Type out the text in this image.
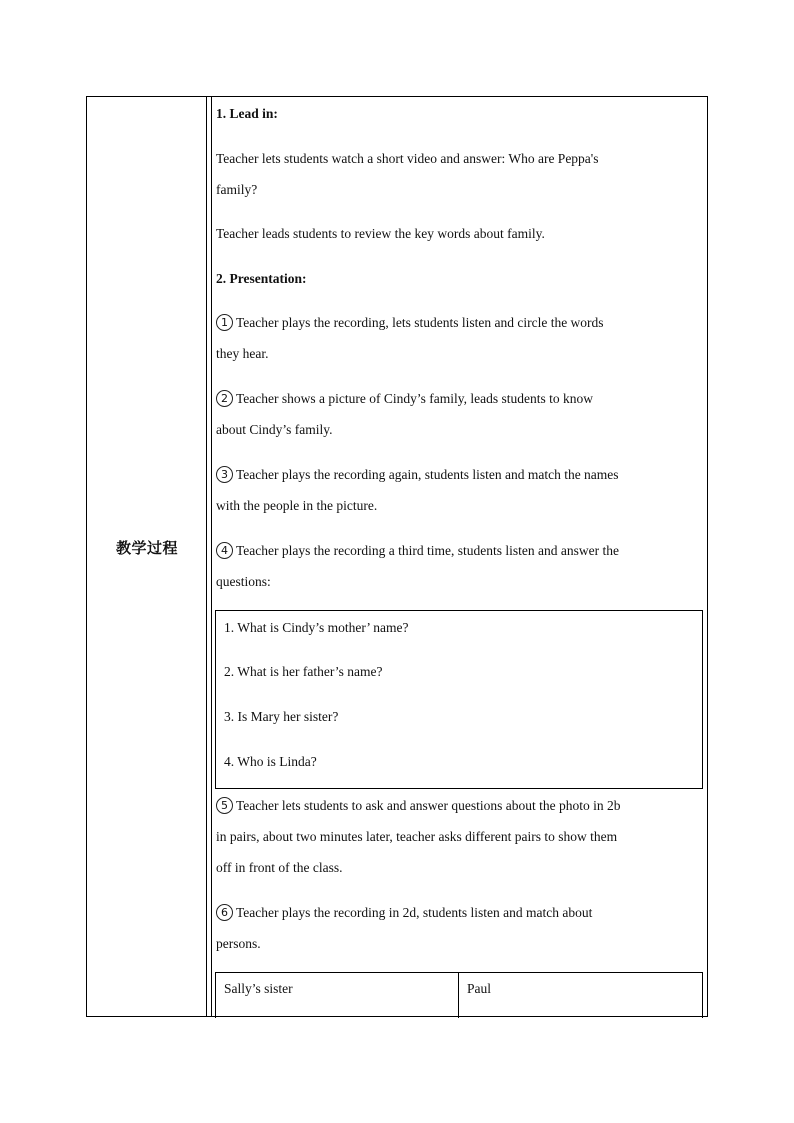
教学过程

1. Lead in:

Teacher lets students watch a short video and answer: Who are Peppa's
family?

Teacher leads students to review the key words about family.

2. Presentation:

1 Teacher plays the recording, lets students listen and circle the words
they hear.

2 Teacher shows a picture of Cindy’s family, leads students to know
about Cindy’s family.

3 Teacher plays the recording again, students listen and match the names
with the people in the picture.

4 Teacher plays the recording a third time, students listen and answer the
questions:

1. What is Cindy’s mother’ name?
2. What is her father’s name?
3. Is Mary her sister?
4. Who is Linda?

5 Teacher lets students to ask and answer questions about the photo in 2b
in pairs, about two minutes later, teacher asks different pairs to show them
off in front of the class.

6 Teacher plays the recording in 2d, students listen and match about
persons.

Sally’s sister	Paul
